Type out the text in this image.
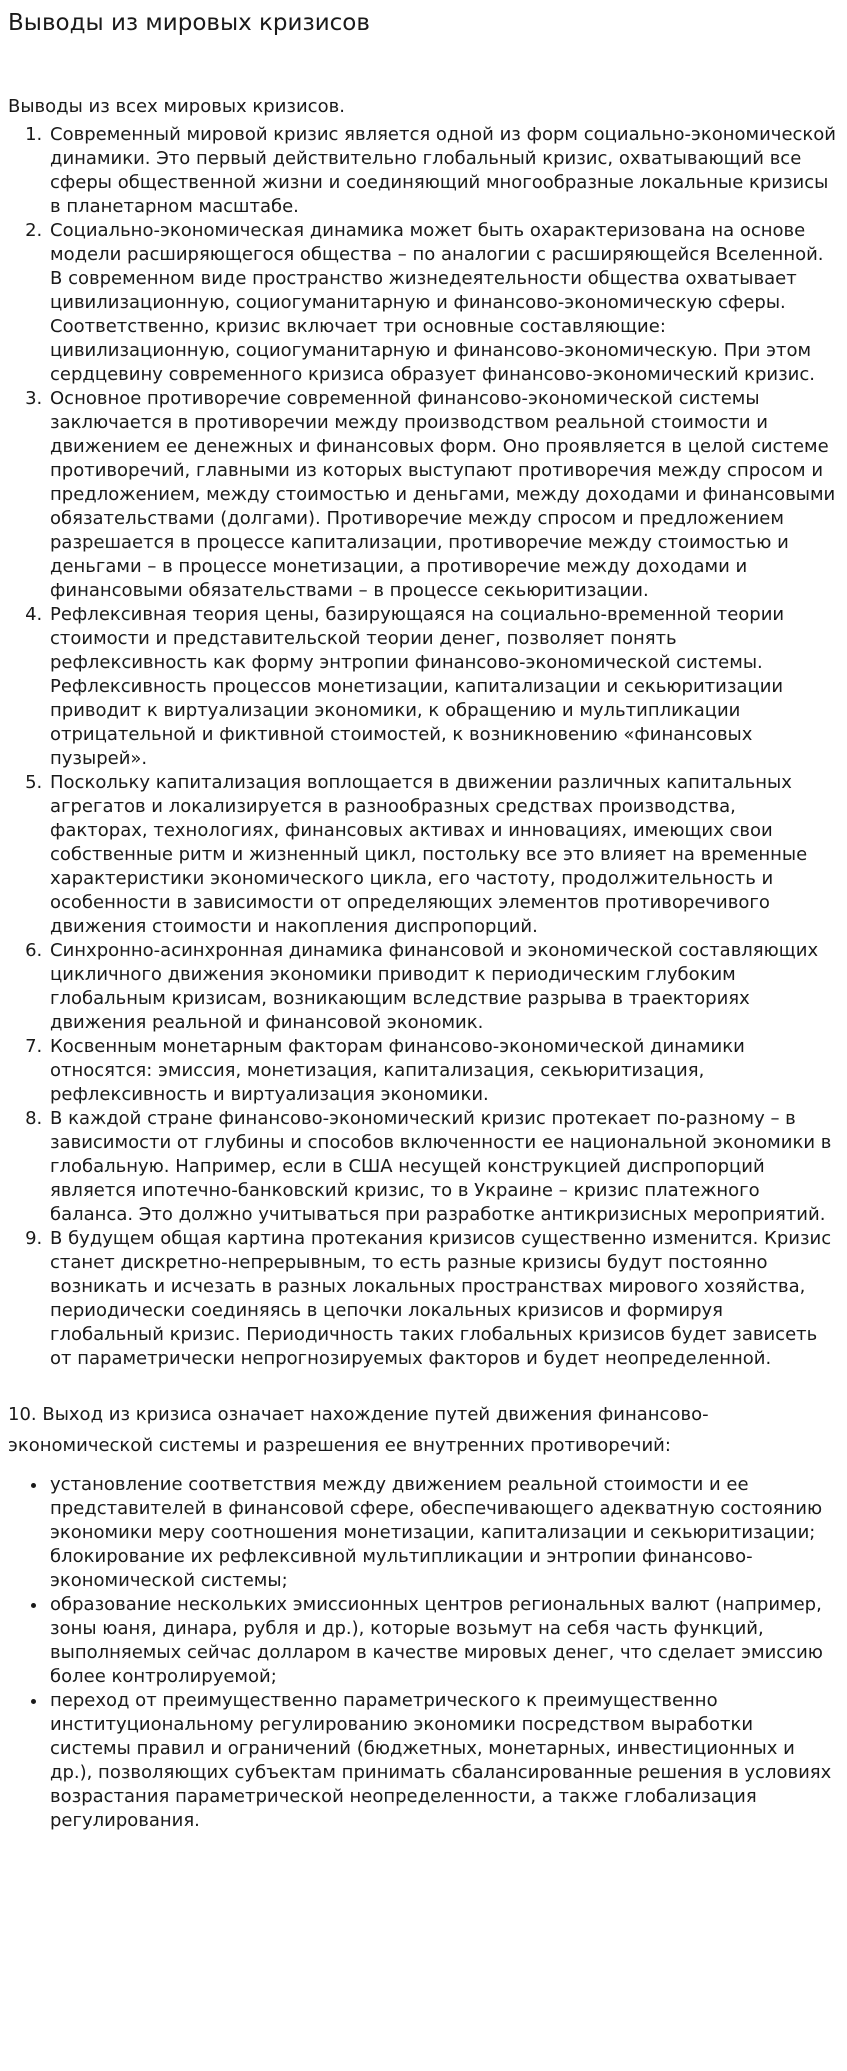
Выводы из мировых кризисов

Выводы из всех мировых кризисов.

1. Современный мировой кризис является одной из форм социально-экономической динамики. Это первый действительно глобальный кризис, охватывающий все сферы общественной жизни и соединяющий многообразные локальные кризисы в планетарном масштабе.
2. Социально-экономическая динамика может быть охарактеризована на основе модели расширяющегося общества – по аналогии с расширяющейся Вселенной. В современном виде пространство жизнедеятельности общества охватывает цивилизационную, социогуманитарную и финансово-экономическую сферы. Соответственно, кризис включает три основные составляющие: цивилизационную, социогуманитарную и финансово-экономическую. При этом сердцевину современного кризиса образует финансово-экономический кризис.
3. Основное противоречие современной финансово-экономической системы заключается в противоречии между производством реальной стоимости и движением ее денежных и финансовых форм. Оно проявляется в целой системе противоречий, главными из которых выступают противоречия между спросом и предложением, между стоимостью и деньгами, между доходами и финансовыми обязательствами (долгами). Противоречие между спросом и предложением разрешается в процессе капитализации, противоречие между стоимостью и деньгами – в процессе монетизации, а противоречие между доходами и финансовыми обязательствами – в процессе секьюритизации.
4. Рефлексивная теория цены, базирующаяся на социально-временной теории стоимости и представительской теории денег, позволяет понять рефлексивность как форму энтропии финансово-экономической системы. Рефлексивность процессов монетизации, капитализации и секьюритизации приводит к виртуализации экономики, к обращению и мультипликации отрицательной и фиктивной стоимостей, к возникновению «финансовых пузырей».
5. Поскольку капитализация воплощается в движении различных капитальных агрегатов и локализируется в разнообразных средствах производства, факторах, технологиях, финансовых активах и инновациях, имеющих свои собственные ритм и жизненный цикл, постольку все это влияет на временные характеристики экономического цикла, его частоту, продолжительность и особенности в зависимости от определяющих элементов противоречивого движения стоимости и накопления диспропорций.
6. Синхронно-асинхронная динамика финансовой и экономической составляющих цикличного движения экономики приводит к периодическим глубоким глобальным кризисам, возникающим вследствие разрыва в траекториях движения реальной и финансовой экономик.
7. Косвенным монетарным факторам финансово-экономической динамики относятся: эмиссия, монетизация, капитализация, секьюритизация, рефлексивность и виртуализация экономики.
8. В каждой стране финансово-экономический кризис протекает по-разному – в зависимости от глубины и способов включенности ее национальной экономики в глобальную. Например, если в США несущей конструкцией диспропорций является ипотечно-банковский кризис, то в Украине – кризис платежного баланса. Это должно учитываться при разработке антикризисных мероприятий.
9. В будущем общая картина протекания кризисов существенно изменится. Кризис станет дискретно-непрерывным, то есть разные кризисы будут постоянно возникать и исчезать в разных локальных пространствах мирового хозяйства, периодически соединяясь в цепочки локальных кризисов и формируя глобальный кризис. Периодичность таких глобальных кризисов будет зависеть от параметрически непрогнозируемых факторов и будет неопределенной.

10. Выход из кризиса означает нахождение путей движения финансово-экономической системы и разрешения ее внутренних противоречий:

• установление соответствия между движением реальной стоимости и ее представителей в финансовой сфере, обеспечивающего адекватную состоянию экономики меру соотношения монетизации, капитализации и секьюритизации; блокирование их рефлексивной мультипликации и энтропии финансово-экономической системы;
• образование нескольких эмиссионных центров региональных валют (например, зоны юаня, динара, рубля и др.), которые возьмут на себя часть функций, выполняемых сейчас долларом в качестве мировых денег, что сделает эмиссию более контролируемой;
• переход от преимущественно параметрического к преимущественно институциональному регулированию экономики посредством выработки системы правил и ограничений (бюджетных, монетарных, инвестиционных и др.), позволяющих субъектам принимать сбалансированные решения в условиях возрастания параметрической неопределенности, а также глобализация регулирования.
